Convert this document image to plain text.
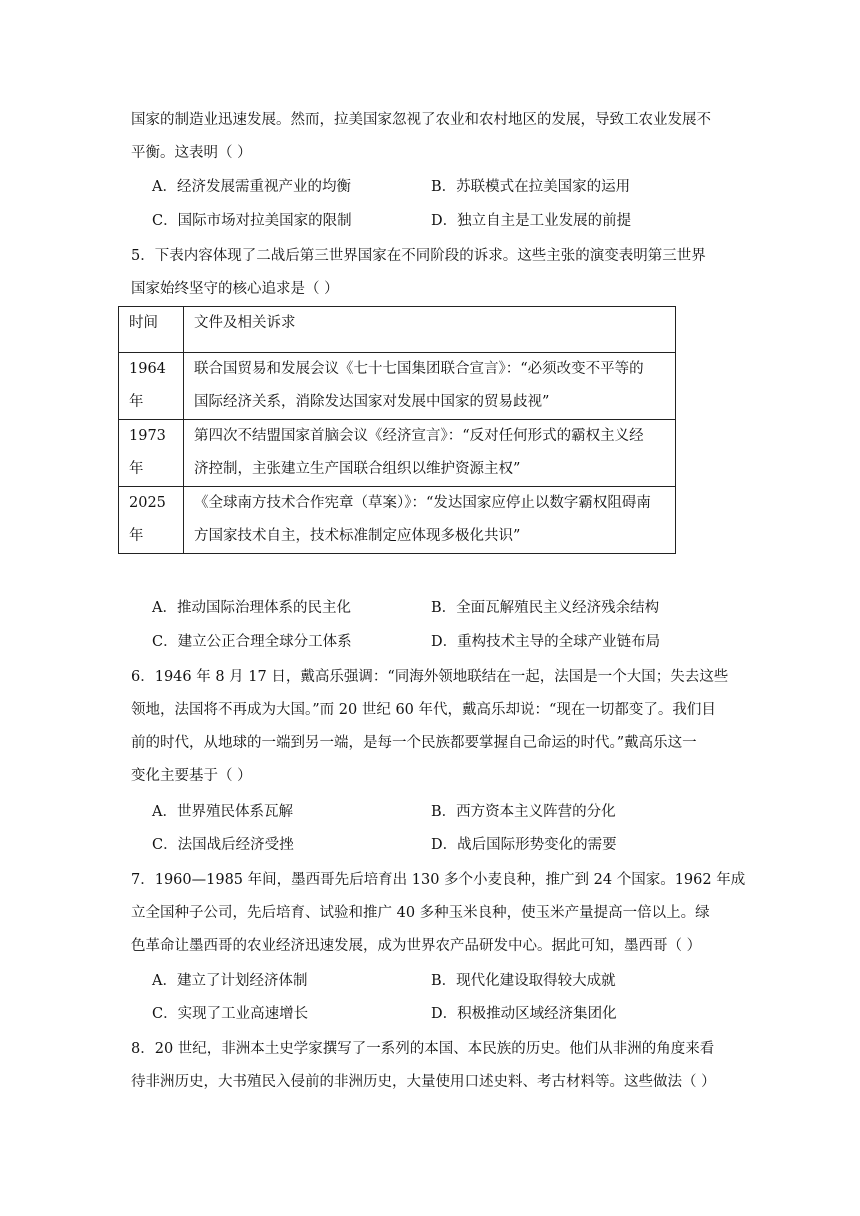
国家的制造业迅速发展。然而，拉美国家忽视了农业和农村地区的发展，导致工农业发展不
平衡。这表明（ ）
A．经济发展需重视产业的均衡	B．苏联模式在拉美国家的运用
C．国际市场对拉美国家的限制	D．独立自主是工业发展的前提
5．下表内容体现了二战后第三世界国家在不同阶段的诉求。这些主张的演变表明第三世界
国家始终坚守的核心追求是（ ）
时间	文件及相关诉求

1964
年	联合国贸易和发展会议《七十七国集团联合宣言》：“必须改变不平等的
国际经济关系，消除发达国家对发展中国家的贸易歧视”

1973
年	第四次不结盟国家首脑会议《经济宣言》：“反对任何形式的霸权主义经
济控制，主张建立生产国联合组织以维护资源主权”

2025
年	《全球南方技术合作宪章（草案）》：“发达国家应停止以数字霸权阻碍南
方国家技术自主，技术标准制定应体现多极化共识”
A．推动国际治理体系的民主化	B．全面瓦解殖民主义经济残余结构
C．建立公正合理全球分工体系	D．重构技术主导的全球产业链布局
6．1946 年 8 月 17 日，戴高乐强调：“同海外领地联结在一起，法国是一个大国；失去这些
领地，法国将不再成为大国。”而 20 世纪 60 年代，戴高乐却说：“现在一切都变了。我们目
前的时代，从地球的一端到另一端，是每一个民族都要掌握自己命运的时代。”戴高乐这一
变化主要基于（ ）
A．世界殖民体系瓦解	B．西方资本主义阵营的分化
C．法国战后经济受挫	D．战后国际形势变化的需要
7．1960—1985 年间，墨西哥先后培育出 130 多个小麦良种，推广到 24 个国家。1962 年成
立全国种子公司，先后培育、试验和推广 40 多种玉米良种，使玉米产量提高一倍以上。绿
色革命让墨西哥的农业经济迅速发展，成为世界农产品研发中心。据此可知，墨西哥（ ）
A．建立了计划经济体制	B．现代化建设取得较大成就
C．实现了工业高速增长	D．积极推动区域经济集团化
8．20 世纪，非洲本土史学家撰写了一系列的本国、本民族的历史。他们从非洲的角度来看
待非洲历史，大书殖民入侵前的非洲历史，大量使用口述史料、考古材料等。这些做法（ ）
